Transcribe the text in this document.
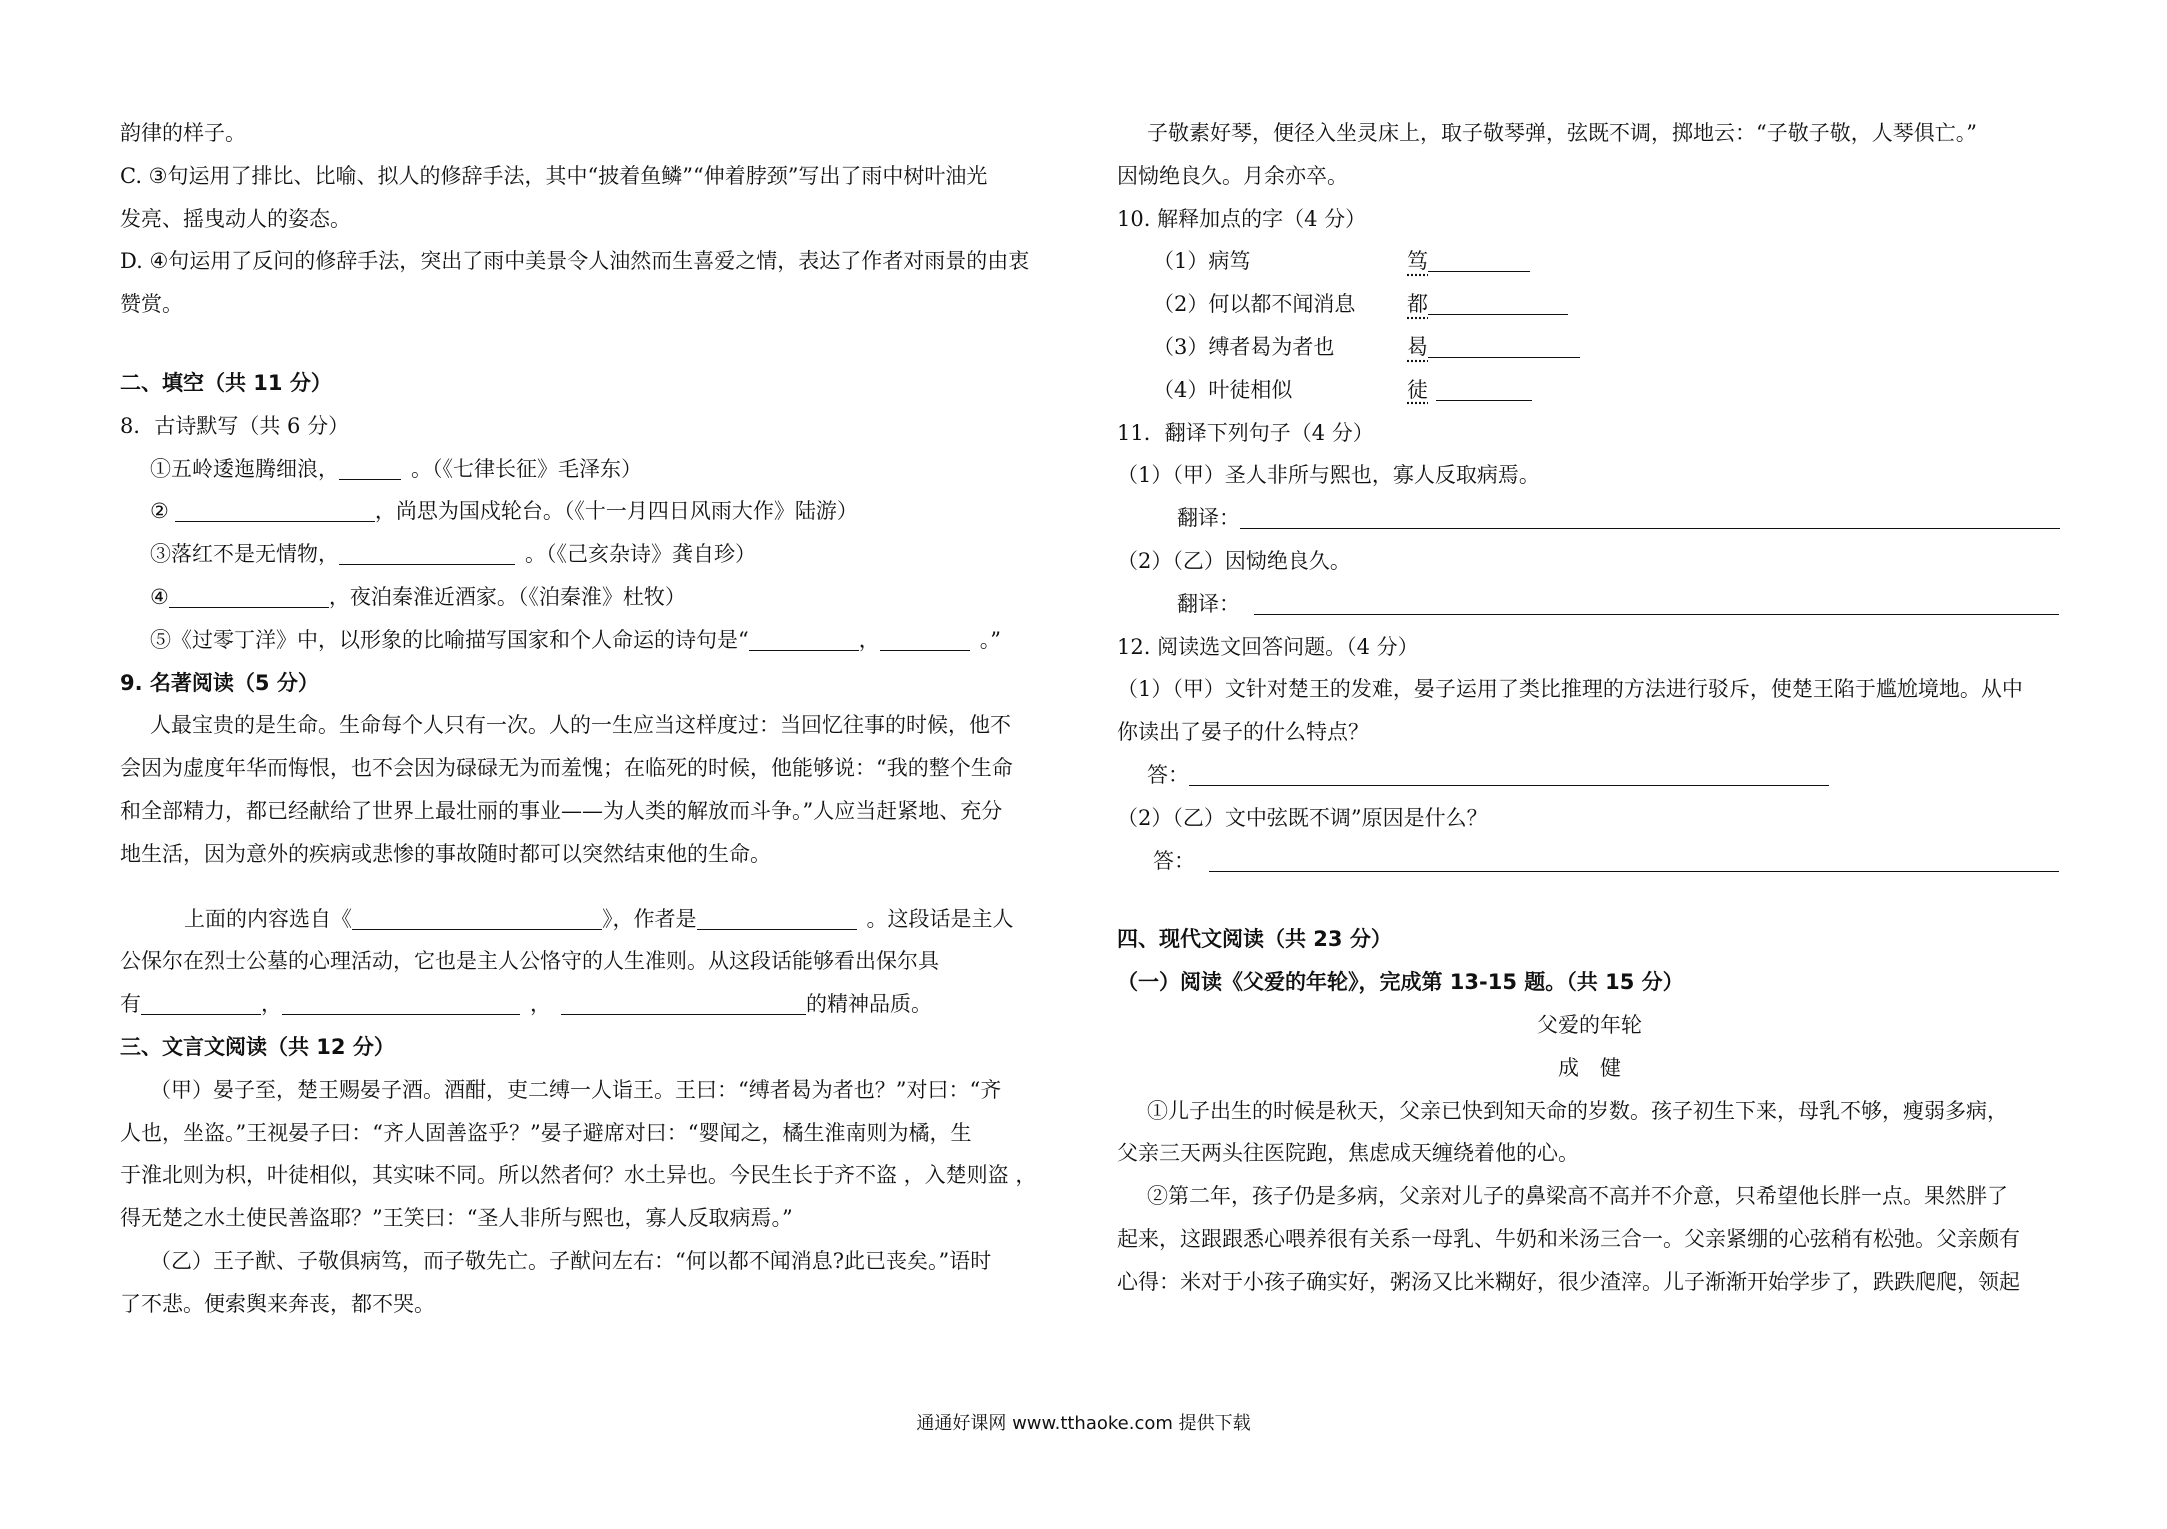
韵律的样子。
C. ③句运用了排比、比喻、拟人的修辞手法，其中“披着鱼鳞”“伸着脖颈”写出了雨中树叶油光
发亮、摇曳动人的姿态。
D. ④句运用了反问的修辞手法，突出了雨中美景令人油然而生喜爱之情，表达了作者对雨景的由衷
赞赏。
二、填空（共 11 分）
8．古诗默写（共 6 分）
①五岭逶迤腾细浪，	。（《七律长征》毛泽东）
②	，尚思为国戍轮台。（《十一月四日风雨大作》陆游）
③落红不是无情物，	。（《己亥杂诗》龚自珍）
④	，夜泊秦淮近酒家。（《泊秦淮》杜牧）
⑤《过零丁洋》中，以形象的比喻描写国家和个人命运的诗句是“	，	。”
9. 名著阅读（5 分）
人最宝贵的是生命。生命每个人只有一次。人的一生应当这样度过：当回忆往事的时候，他不
会因为虚度年华而悔恨，也不会因为碌碌无为而羞愧；在临死的时候，他能够说：“我的整个生命
和全部精力，都已经献给了世界上最壮丽的事业——为人类的解放而斗争。”人应当赶紧地、充分
地生活，因为意外的疾病或悲惨的事故随时都可以突然结束他的生命。
上面的内容选自《	》，作者是	。这段话是主人
公保尔在烈士公墓的心理活动，它也是主人公恪守的人生准则。从这段话能够看出保尔具
有	，	，	的精神品质。
三、文言文阅读（共 12 分）
（甲）晏子至，楚王赐晏子酒。酒酣，吏二缚一人诣王。王曰：“缚者曷为者也？”对曰：“齐
人也，坐盗。”王视晏子曰：“齐人固善盗乎？”晏子避席对曰：“婴闻之，橘生淮南则为橘，生
于淮北则为枳，叶徒相似，其实味不同。所以然者何？水土异也。今民生长于齐不盗 ，入楚则盗 ，
得无楚之水土使民善盗耶？”王笑曰：“圣人非所与熙也，寡人反取病焉。”
（乙）王子猷、子敬俱病笃，而子敬先亡。子猷问左右：“何以都不闻消息?此已丧矣。”语时
了不悲。便索舆来奔丧，都不哭。
子敬素好琴，便径入坐灵床上，取子敬琴弹，弦既不调，掷地云：“子敬子敬，人琴俱亡。”
因恸绝良久。月余亦卒。
10. 解释加点的字（4 分）
（1）病笃	笃
（2）何以都不闻消息 都
（3）缚者曷为者也	曷
（4）叶徒相似	徒
11．翻译下列句子（4 分）
（1）（甲）圣人非所与熙也，寡人反取病焉。
翻译：
（2）（乙）因恸绝良久。
翻译：
12. 阅读选文回答问题。（4 分）
（1）（甲）文针对楚王的发难，晏子运用了类比推理的方法进行驳斥，使楚王陷于尴尬境地。从中
你读出了晏子的什么特点？
答：
（2）（乙）文中弦既不调”原因是什么？
答：
四、现代文阅读（共 23 分）
（一）阅读《父爱的年轮》，完成第 13-15 题。（共 15 分）
父爱的年轮
成　健
①儿子出生的时候是秋天，父亲已快到知天命的岁数。孩子初生下来，母乳不够，瘦弱多病，
父亲三天两头往医院跑，焦虑成天缠绕着他的心。
②第二年，孩子仍是多病，父亲对儿子的鼻梁高不高并不介意，只希望他长胖一点。果然胖了
起来，这跟跟悉心喂养很有关系一母乳、牛奶和米汤三合一。父亲紧绷的心弦稍有松弛。父亲颇有
心得：米对于小孩子确实好，粥汤又比米糊好，很少渣滓。儿子渐渐开始学步了，跌跌爬爬，领起
通通好课网 www.tthaoke.com 提供下载
